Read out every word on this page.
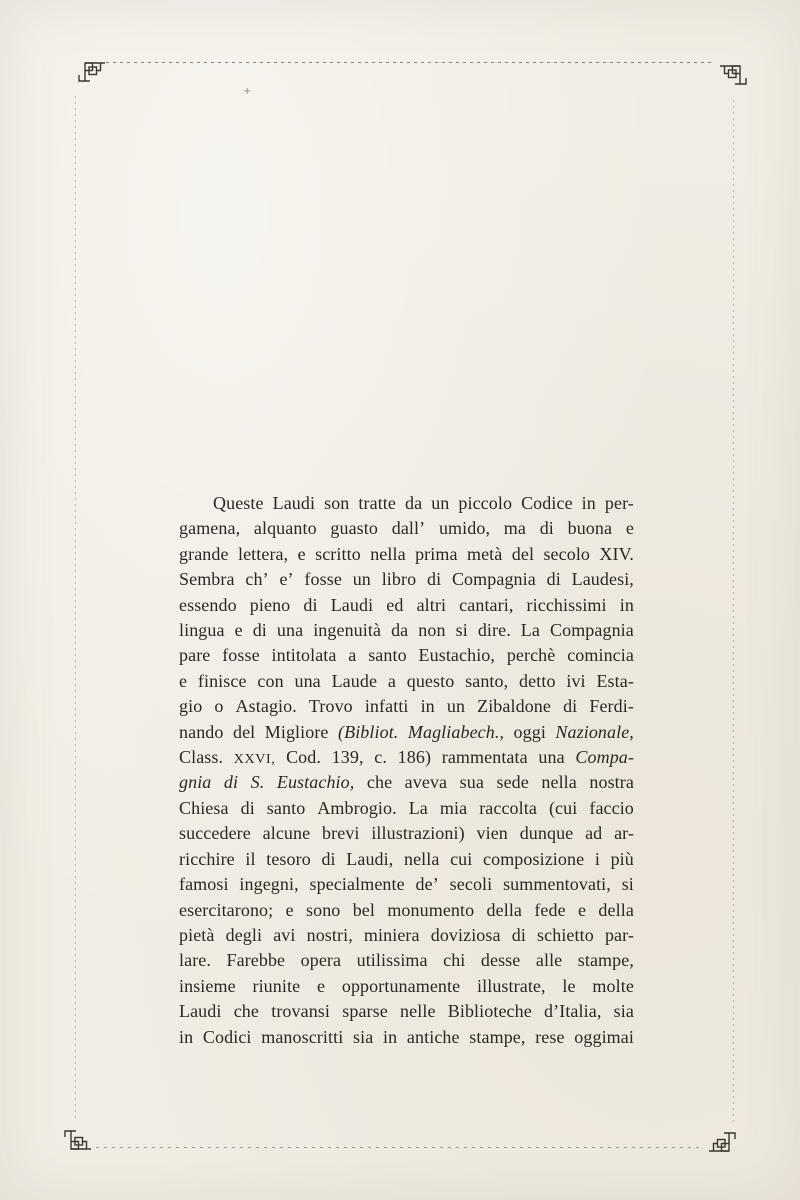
+
Queste Laudi son tratte da un piccolo Codice in per-
gamena, alquanto guasto dall’ umido, ma di buona e
grande lettera, e scritto nella prima metà del secolo XIV.
Sembra ch’ e’ fosse un libro di Compagnia di Laudesi,
essendo pieno di Laudi ed altri cantari, ricchissimi in
lingua e di una ingenuità da non si dire. La Compagnia
pare fosse intitolata a santo Eustachio, perchè comincia
e finisce con una Laude a questo santo, detto ivi Esta-
gio o Astagio. Trovo infatti in un Zibaldone di Ferdi-
nando del Migliore (Bibliot. Magliabech., oggi Nazionale,
Class. XXVI, Cod. 139, c. 186) rammentata una Compa-
gnia di S. Eustachio, che aveva sua sede nella nostra
Chiesa di santo Ambrogio. La mia raccolta (cui faccio
succedere alcune brevi illustrazioni) vien dunque ad ar-
ricchire il tesoro di Laudi, nella cui composizione i più
famosi ingegni, specialmente de’ secoli summentovati, si
esercitarono; e sono bel monumento della fede e della
pietà degli avi nostri, miniera doviziosa di schietto par-
lare. Farebbe opera utilissima chi desse alle stampe,
insieme riunite e opportunamente illustrate, le molte
Laudi che trovansi sparse nelle Biblioteche d’Italia, sia
in Codici manoscritti sia in antiche stampe, rese oggimai
